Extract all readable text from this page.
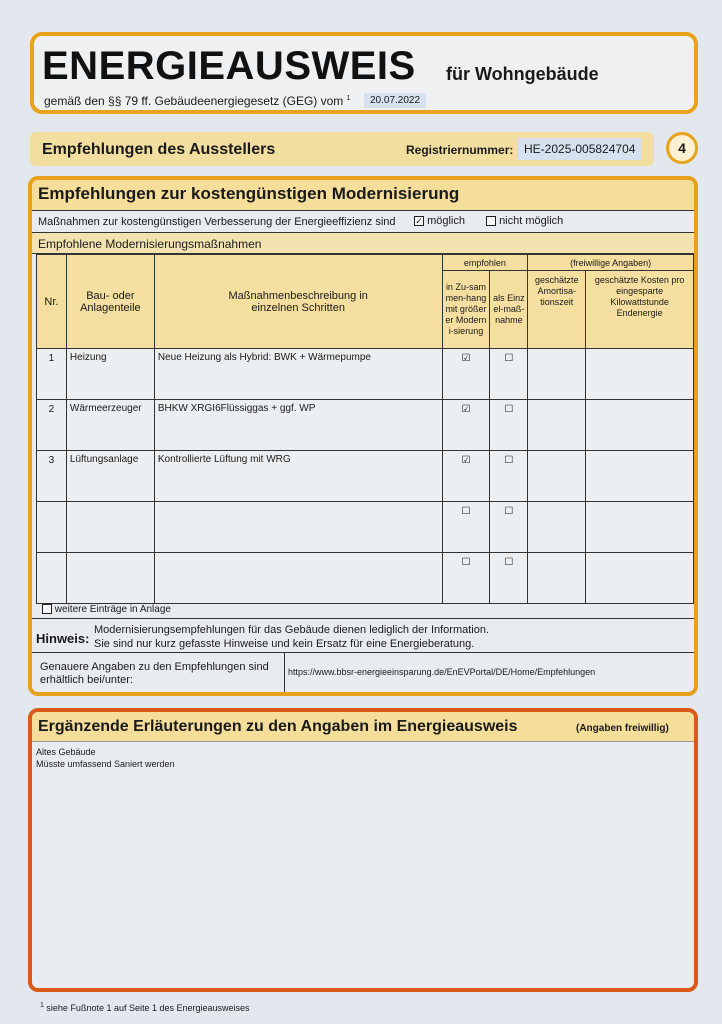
ENERGIEAUSWEIS für Wohngebäude
gemäß den §§ 79 ff. Gebäudeenergiegesetz (GEG) vom $^1$	20.07.2022
Empfehlungen des Ausstellers	Registriernummer: HE-2025-005824704	4
Empfehlungen zur kostengünstigen Modernisierung
Maßnahmen zur kostengünstigen Verbesserung der Energieeffizienz sind ✓ möglich	nicht möglich
Empfohlene Modernisierungsmaßnahmen
Nr.	Bau- oder Anlagenteile	Maßnahmenbeschreibung in einzelnen Schritten	empfohlen		(freiwillige Angaben)	
			in Zu-sammen-hang mit größerer Moderni-sierung	als Einzel-maß-nahme	geschätzte Amortisa-tionszeit	geschätzte Kosten pro eingesparte Kilowattstunde Endenergie
1	Heizung	Neue Heizung als Hybrid: BWK + Wärmepumpe	☑	☐		
2	Wärmeerzeuger	BHKW XRGI6Flüssiggas + ggf. WP	☑	☐		
3	Lüftungsanlage	Kontrollierte Lüftung mit WRG	☑	☐		
			☐	☐		
			☐	☐		
weitere Einträge in Anlage
Hinweis:
Modernisierungsempfehlungen für das Gebäude dienen lediglich der Information.
Sie sind nur kurz gefasste Hinweise und kein Ersatz für eine Energieberatung.
Genauere Angaben zu den Empfehlungen sind erhältlich bei/unter:
https://www.bbsr-energieeinsparung.de/EnEVPortal/DE/Home/Empfehlungen
Ergänzende Erläuterungen zu den Angaben im Energieausweis	(Angaben freiwillig)
Altes Gebäude
Müsste umfassend Saniert werden
$^1$ siehe Fußnote 1 auf Seite 1 des Energieausweises
